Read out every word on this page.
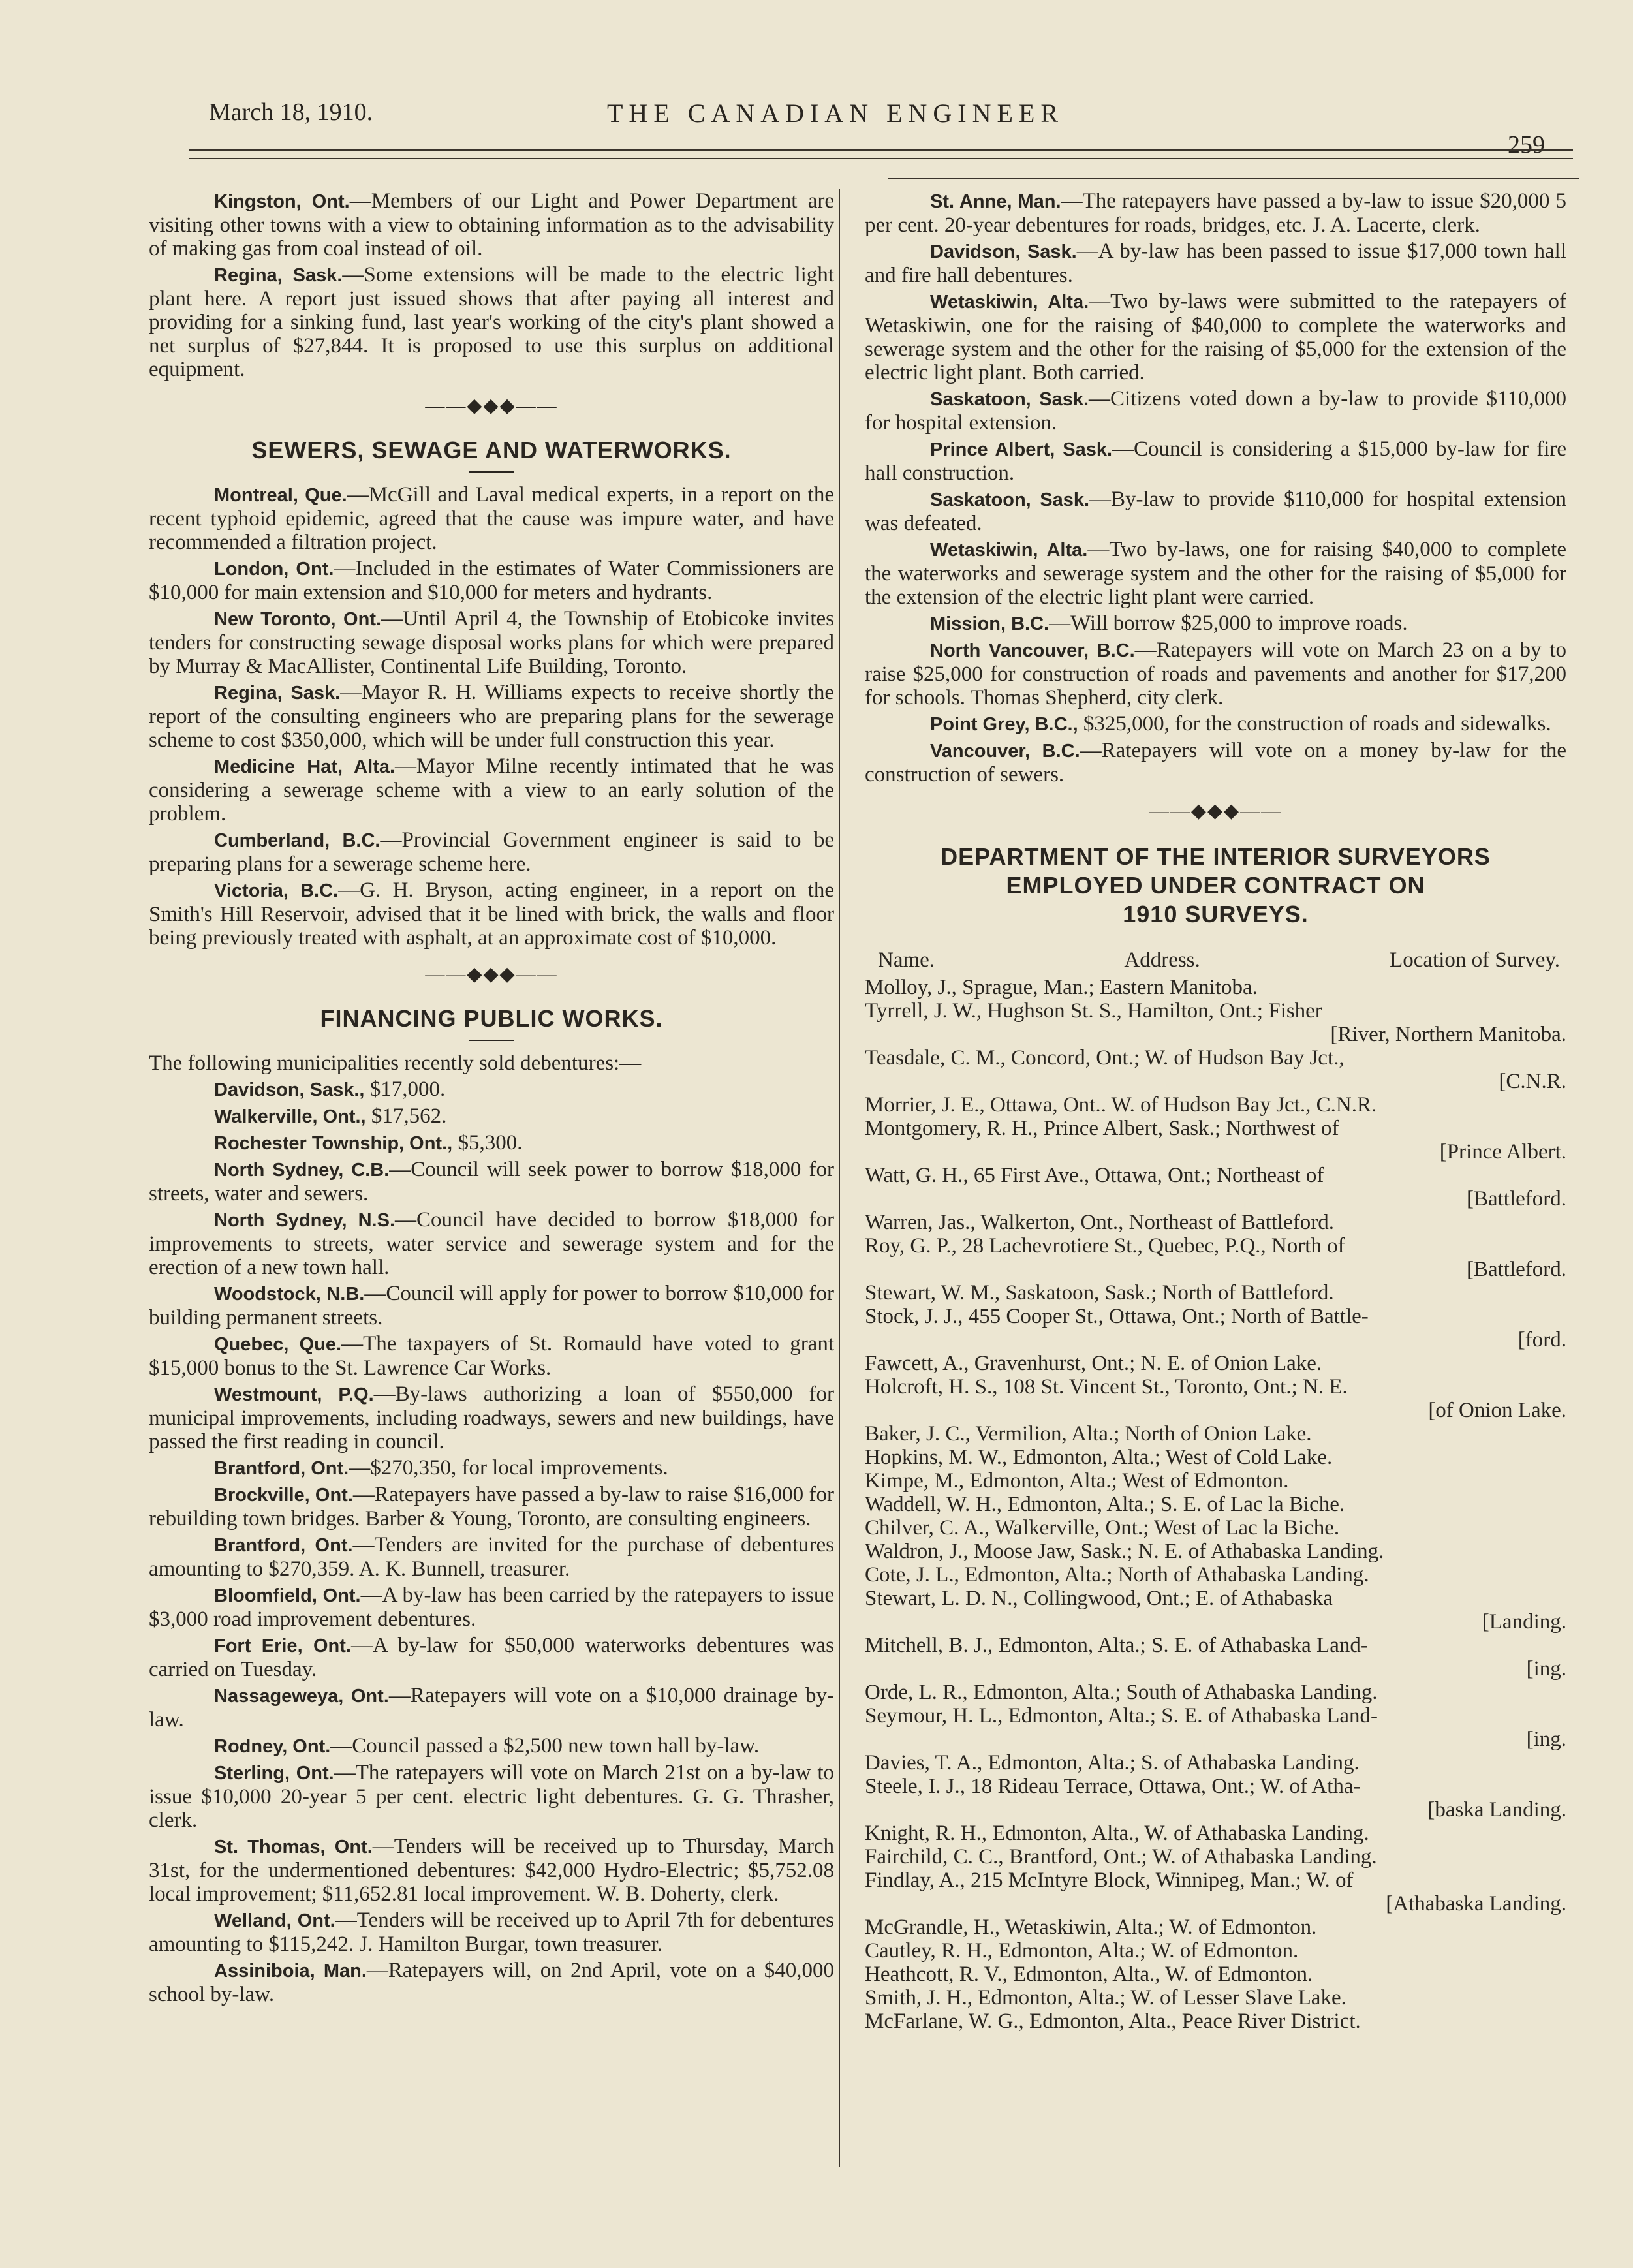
March 18, 1910.	THE CANADIAN ENGINEER
259

Kingston, Ont.—Members of our Light and Power Department are visiting other towns with a view to obtaining information as to the advisability of making gas from coal instead of oil.

Regina, Sask.—Some extensions will be made to the electric light plant here. A report just issued shows that after paying all interest and providing for a sinking fund, last year's working of the city's plant showed a net surplus of $27,844. It is proposed to use this surplus on additional equipment.

——◆◆◆——
SEWERS, SEWAGE AND WATERWORKS.

Montreal, Que.—McGill and Laval medical experts, in a report on the recent typhoid epidemic, agreed that the cause was impure water, and have recommended a filtration project.

London, Ont.—Included in the estimates of Water Commissioners are $10,000 for main extension and $10,000 for meters and hydrants.

New Toronto, Ont.—Until April 4, the Township of Etobicoke invites tenders for constructing sewage disposal works plans for which were prepared by Murray & MacAllister, Continental Life Building, Toronto.

Regina, Sask.—Mayor R. H. Williams expects to receive shortly the report of the consulting engineers who are preparing plans for the sewerage scheme to cost $350,000, which will be under full construction this year.

Medicine Hat, Alta.—Mayor Milne recently intimated that he was considering a sewerage scheme with a view to an early solution of the problem.

Cumberland, B.C.—Provincial Government engineer is said to be preparing plans for a sewerage scheme here.

Victoria, B.C.—G. H. Bryson, acting engineer, in a report on the Smith's Hill Reservoir, advised that it be lined with brick, the walls and floor being previously treated with asphalt, at an approximate cost of $10,000.

——◆◆◆——
FINANCING PUBLIC WORKS.

The following municipalities recently sold debentures:—

Davidson, Sask., $17,000.

Walkerville, Ont., $17,562.

Rochester Township, Ont., $5,300.

North Sydney, C.B.—Council will seek power to borrow $18,000 for streets, water and sewers.

North Sydney, N.S.—Council have decided to borrow $18,000 for improvements to streets, water service and sewerage system and for the erection of a new town hall.

Woodstock, N.B.—Council will apply for power to borrow $10,000 for building permanent streets.

Quebec, Que.—The taxpayers of St. Romauld have voted to grant $15,000 bonus to the St. Lawrence Car Works.

Westmount, P.Q.—By-laws authorizing a loan of $550,000 for municipal improvements, including roadways, sewers and new buildings, have passed the first reading in council.

Brantford, Ont.—$270,350, for local improvements.

Brockville, Ont.—Ratepayers have passed a by-law to raise $16,000 for rebuilding town bridges. Barber & Young, Toronto, are consulting engineers.

Brantford, Ont.—Tenders are invited for the purchase of debentures amounting to $270,359. A. K. Bunnell, treasurer.

Bloomfield, Ont.—A by-law has been carried by the ratepayers to issue $3,000 road improvement debentures.

Fort Erie, Ont.—A by-law for $50,000 waterworks debentures was carried on Tuesday.

Nassageweya, Ont.—Ratepayers will vote on a $10,000 drainage by-law.

Rodney, Ont.—Council passed a $2,500 new town hall by-law.

Sterling, Ont.—The ratepayers will vote on March 21st on a by-law to issue $10,000 20-year 5 per cent. electric light debentures. G. G. Thrasher, clerk.

St. Thomas, Ont.—Tenders will be received up to Thursday, March 31st, for the undermentioned debentures: $42,000 Hydro-Electric; $5,752.08 local improvement; $11,652.81 local improvement. W. B. Doherty, clerk.

Welland, Ont.—Tenders will be received up to April 7th for debentures amounting to $115,242. J. Hamilton Burgar, town treasurer.

Assiniboia, Man.—Ratepayers will, on 2nd April, vote on a $40,000 school by-law.

St. Anne, Man.—The ratepayers have passed a by-law to issue $20,000 5 per cent. 20-year debentures for roads, bridges, etc. J. A. Lacerte, clerk.

Davidson, Sask.—A by-law has been passed to issue $17,000 town hall and fire hall debentures.

Wetaskiwin, Alta.—Two by-laws were submitted to the ratepayers of Wetaskiwin, one for the raising of $40,000 to complete the waterworks and sewerage system and the other for the raising of $5,000 for the extension of the electric light plant. Both carried.

Saskatoon, Sask.—Citizens voted down a by-law to provide $110,000 for hospital extension.

Prince Albert, Sask.—Council is considering a $15,000 by-law for fire hall construction.

Saskatoon, Sask.—By-law to provide $110,000 for hospital extension was defeated.

Wetaskiwin, Alta.—Two by-laws, one for raising $40,000 to complete the waterworks and sewerage system and the other for the raising of $5,000 for the extension of the electric light plant were carried.

Mission, B.C.—Will borrow $25,000 to improve roads.

North Vancouver, B.C.—Ratepayers will vote on March 23 on a by to raise $25,000 for construction of roads and pavements and another for $17,200 for schools. Thomas Shepherd, city clerk.

Point Grey, B.C., $325,000, for the construction of roads and sidewalks.

Vancouver, B.C.—Ratepayers will vote on a money by-law for the construction of sewers.

——◆◆◆——
DEPARTMENT OF THE INTERIOR SURVEYORS
EMPLOYED UNDER CONTRACT ON
1910 SURVEYS.
Name.	Address.	Location of Survey.

Molloy, J., Sprague, Man.; Eastern Manitoba.

Tyrrell, J. W., Hughson St. S., Hamilton, Ont.; Fisher

[River, Northern Manitoba.

Teasdale, C. M., Concord, Ont.; W. of Hudson Bay Jct.,

[C.N.R.

Morrier, J. E., Ottawa, Ont.. W. of Hudson Bay Jct., C.N.R.

Montgomery, R. H., Prince Albert, Sask.; Northwest of

[Prince Albert.

Watt, G. H., 65 First Ave., Ottawa, Ont.; Northeast of

[Battleford.

Warren, Jas., Walkerton, Ont., Northeast of Battleford.

Roy, G. P., 28 Lachevrotiere St., Quebec, P.Q., North of

[Battleford.

Stewart, W. M., Saskatoon, Sask.; North of Battleford.

Stock, J. J., 455 Cooper St., Ottawa, Ont.; North of Battle-

[ford.

Fawcett, A., Gravenhurst, Ont.; N. E. of Onion Lake.

Holcroft, H. S., 108 St. Vincent St., Toronto, Ont.; N. E.

[of Onion Lake.

Baker, J. C., Vermilion, Alta.; North of Onion Lake.

Hopkins, M. W., Edmonton, Alta.; West of Cold Lake.

Kimpe, M., Edmonton, Alta.; West of Edmonton.

Waddell, W. H., Edmonton, Alta.; S. E. of Lac la Biche.

Chilver, C. A., Walkerville, Ont.; West of Lac la Biche.

Waldron, J., Moose Jaw, Sask.; N. E. of Athabaska Landing.

Cote, J. L., Edmonton, Alta.; North of Athabaska Landing.

Stewart, L. D. N., Collingwood, Ont.; E. of Athabaska

[Landing.

Mitchell, B. J., Edmonton, Alta.; S. E. of Athabaska Land-

[ing.

Orde, L. R., Edmonton, Alta.; South of Athabaska Landing.

Seymour, H. L., Edmonton, Alta.; S. E. of Athabaska Land-

[ing.

Davies, T. A., Edmonton, Alta.; S. of Athabaska Landing.

Steele, I. J., 18 Rideau Terrace, Ottawa, Ont.; W. of Atha-

[baska Landing.

Knight, R. H., Edmonton, Alta., W. of Athabaska Landing.

Fairchild, C. C., Brantford, Ont.; W. of Athabaska Landing.

Findlay, A., 215 McIntyre Block, Winnipeg, Man.; W. of

[Athabaska Landing.

McGrandle, H., Wetaskiwin, Alta.; W. of Edmonton.

Cautley, R. H., Edmonton, Alta.; W. of Edmonton.

Heathcott, R. V., Edmonton, Alta., W. of Edmonton.

Smith, J. H., Edmonton, Alta.; W. of Lesser Slave Lake.

McFarlane, W. G., Edmonton, Alta., Peace River District.
